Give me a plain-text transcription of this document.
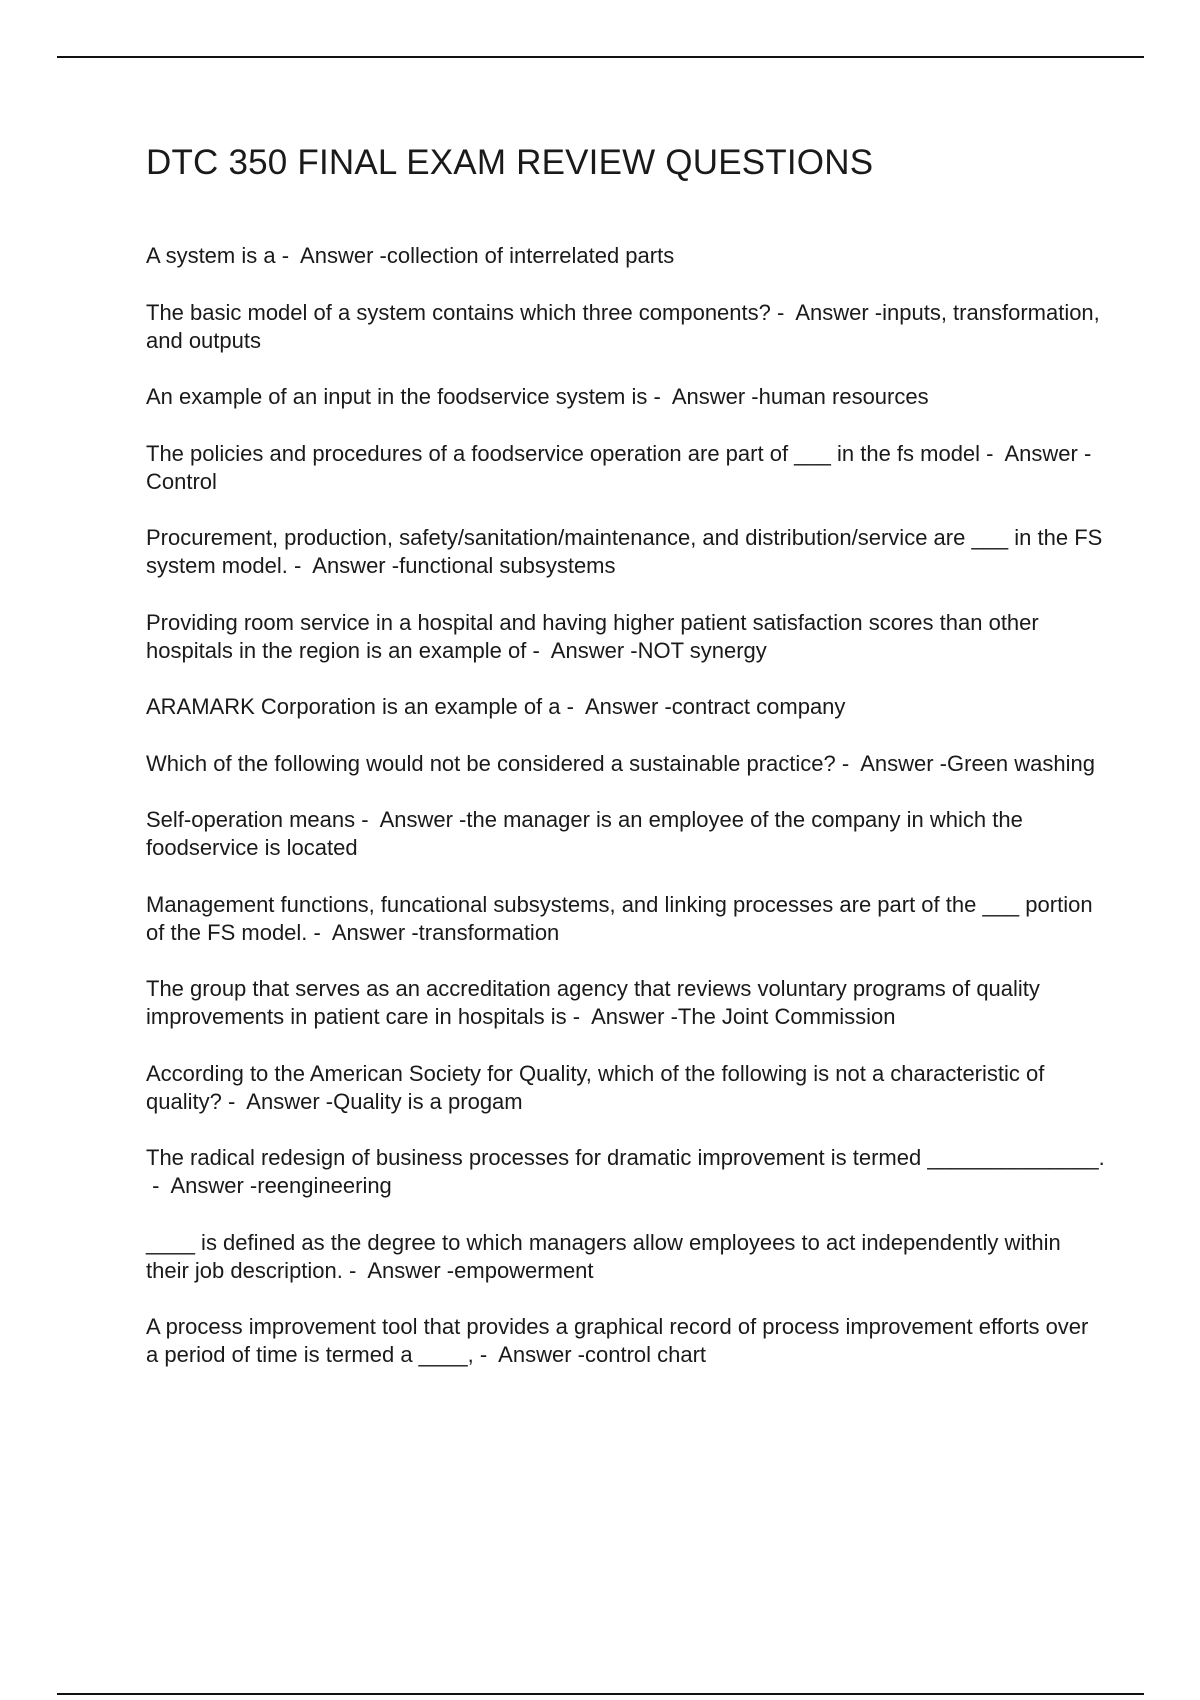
DTC 350 FINAL EXAM REVIEW QUESTIONS
A system is a -  Answer -collection of interrelated parts
The basic model of a system contains which three components? -  Answer -inputs, transformation, and outputs
An example of an input in the foodservice system is -  Answer -human resources
The policies and procedures of a foodservice operation are part of ___ in the fs model -  Answer -Control
Procurement, production, safety/sanitation/maintenance, and distribution/service are ___ in the FS system model. -  Answer -functional subsystems
Providing room service in a hospital and having higher patient satisfaction scores than other hospitals in the region is an example of -  Answer -NOT synergy
ARAMARK Corporation is an example of a -  Answer -contract company
Which of the following would not be considered a sustainable practice? -  Answer -Green washing
Self-operation means -  Answer -the manager is an employee of the company in which the foodservice is located
Management functions, funcational subsystems, and linking processes are part of the ___ portion of the FS model. -  Answer -transformation
The group that serves as an accreditation agency that reviews voluntary programs of quality improvements in patient care in hospitals is -  Answer -The Joint Commission
According to the American Society for Quality, which of the following is not a characteristic of quality? -  Answer -Quality is a progam
The radical redesign of business processes for dramatic improvement is termed ______________. -  Answer -reengineering
____ is defined as the degree to which managers allow employees to act independently within their job description. -  Answer -empowerment
A process improvement tool that provides a graphical record of process improvement efforts over a period of time is termed a ____, -  Answer -control chart
